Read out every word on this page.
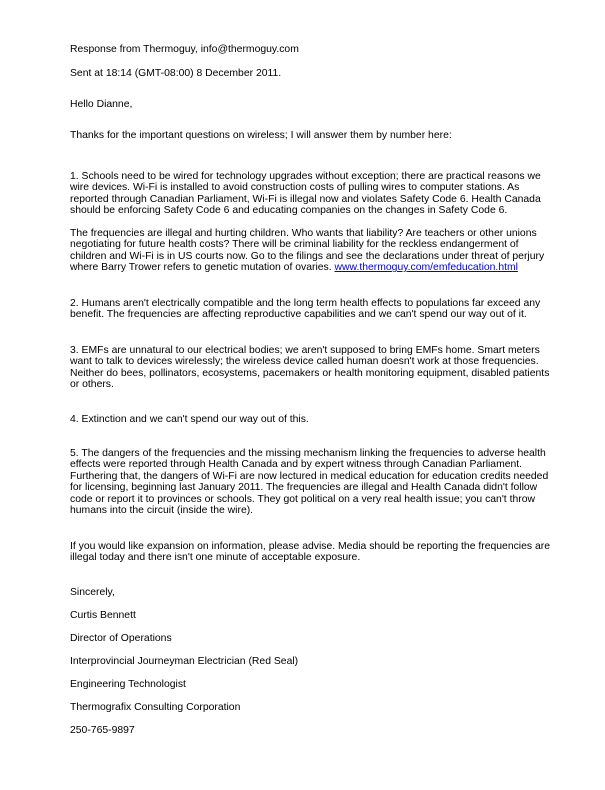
Response from Thermoguy, info@thermoguy.com
Sent at 18:14 (GMT-08:00) 8 December 2011.
Hello Dianne,
Thanks for the important questions on wireless; I will answer them by number here:
1. Schools need to be wired for technology upgrades without exception; there are practical reasons we
wire devices. Wi-Fi is installed to avoid construction costs of pulling wires to computer stations. As
reported through Canadian Parliament, Wi-Fi is illegal now and violates Safety Code 6. Health Canada
should be enforcing Safety Code 6 and educating companies on the changes in Safety Code 6.
The frequencies are illegal and hurting children. Who wants that liability? Are teachers or other unions
negotiating for future health costs? There will be criminal liability for the reckless endangerment of
children and Wi-Fi is in US courts now. Go to the filings and see the declarations under threat of perjury
where Barry Trower refers to genetic mutation of ovaries. www.thermoguy.com/emfeducation.html
2. Humans aren't electrically compatible and the long term health effects to populations far exceed any
benefit. The frequencies are affecting reproductive capabilities and we can't spend our way out of it.
3. EMFs are unnatural to our electrical bodies; we aren't supposed to bring EMFs home. Smart meters
want to talk to devices wirelessly; the wireless device called human doesn't work at those frequencies.
Neither do bees, pollinators, ecosystems, pacemakers or health monitoring equipment, disabled patients
or others.
4. Extinction and we can't spend our way out of this.
5. The dangers of the frequencies and the missing mechanism linking the frequencies to adverse health
effects were reported through Health Canada and by expert witness through Canadian Parliament.
Furthering that, the dangers of Wi-Fi are now lectured in medical education for education credits needed
for licensing, beginning last January 2011. The frequencies are illegal and Health Canada didn't follow
code or report it to provinces or schools. They got political on a very real health issue; you can't throw
humans into the circuit (inside the wire).
If you would like expansion on information, please advise. Media should be reporting the frequencies are
illegal today and there isn't one minute of acceptable exposure.
Sincerely,
Curtis Bennett
Director of Operations
Interprovincial Journeyman Electrician (Red Seal)
Engineering Technologist
Thermografix Consulting Corporation
250-765-9897
